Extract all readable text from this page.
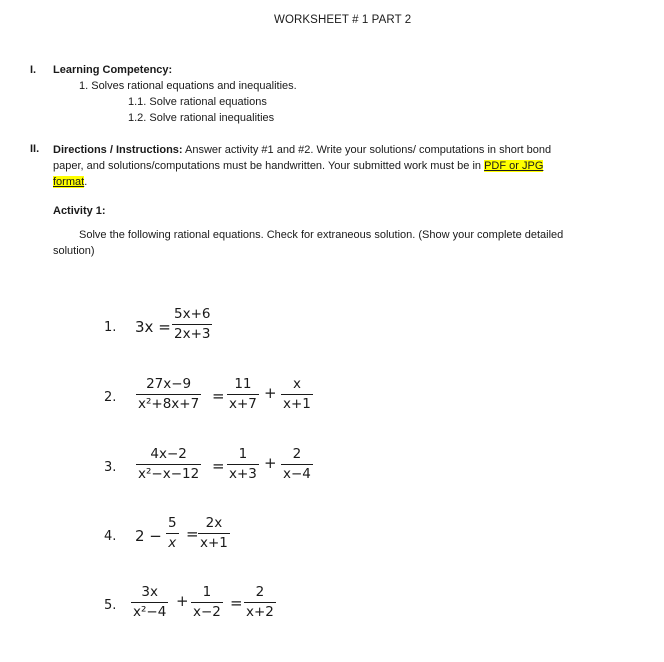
WORKSHEET # 1 PART 2
I. Learning Competency:
1. Solves rational equations and inequalities.
1.1. Solve rational equations
1.2. Solve rational inequalities
II. Directions / Instructions: Answer activity #1 and #2. Write your solutions/ computations in short bond
paper, and solutions/computations must be handwritten. Your submitted work must be in PDF or JPG
format.
Activity 1:
Solve the following rational equations. Check for extraneous solution. (Show your complete detailed
solution)
1. 3x =
5x+6
2x+3
2.
27x−9
x²+8x+7 =
11
x+7
+ x
x+1
3.
4x−2
x²−x−12 =
1
x+3
+ 2
x−4
4. 2 −
5
x =
2x
x+1
5.
3x
x²−4
+ 1
x−2 =
2
x+2
